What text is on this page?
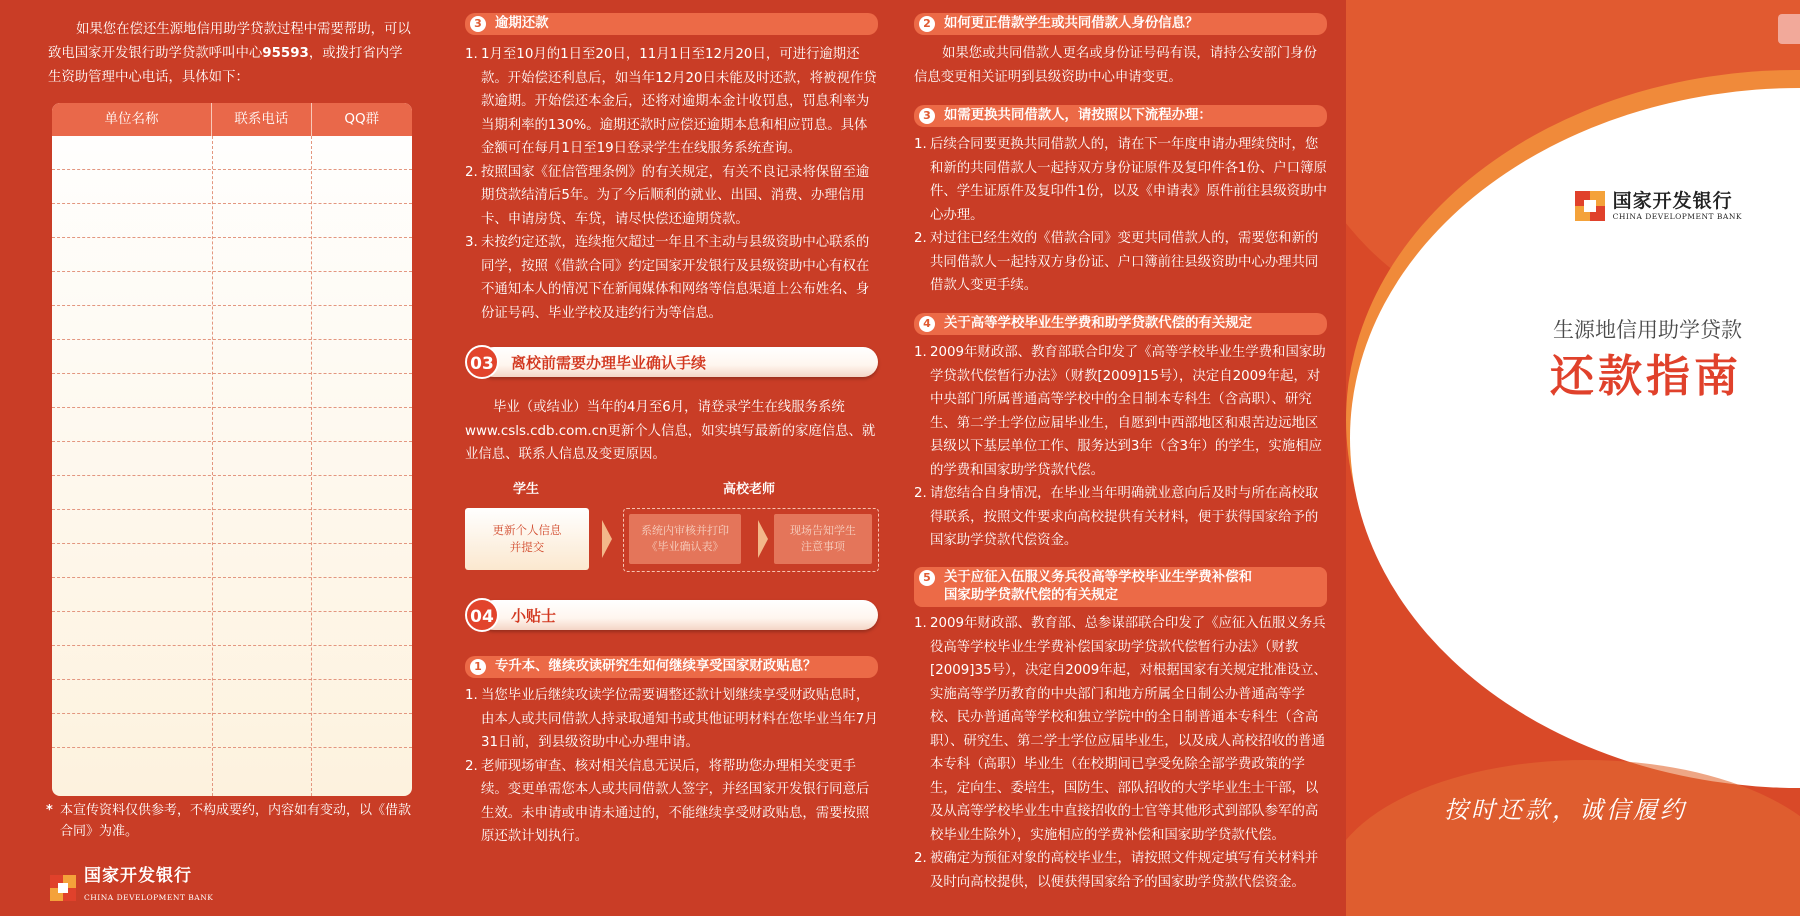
如果您在偿还生源地信用助学贷款过程中需要帮助，可以致电国家开发银行助学贷款呼叫中心95593，或拨打省内学生资助管理中心电话，具体如下：

单位名称	联系电话	QQ群

* 本宣传资料仅供参考，不构成要约，内容如有变动，以《借款合同》为准。

国家开发银行
CHINA DEVELOPMENT BANK
3 逾期还款
1. 1月至10月的1日至20日，11月1日至12月20日，可进行逾期还款。开始偿还利息后，如当年12月20日未能及时还款，将被视作贷款逾期。开始偿还本金后，还将对逾期本金计收罚息，罚息利率为当期利率的130%。逾期还款时应偿还逾期本息和相应罚息。具体金额可在每月1日至19日登录学生在线服务系统查询。
2. 按照国家《征信管理条例》的有关规定，有关不良记录将保留至逾期贷款结清后5年。为了今后顺利的就业、出国、消费、办理信用卡、申请房贷、车贷，请尽快偿还逾期贷款。
3. 未按约定还款，连续拖欠超过一年且不主动与县级资助中心联系的同学，按照《借款合同》约定国家开发银行及县级资助中心有权在不通知本人的情况下在新闻媒体和网络等信息渠道上公布姓名、身份证号码、毕业学校及违约行为等信息。
03	离校前需要办理毕业确认手续

毕业（或结业）当年的4月至6月，请登录学生在线服务系统www.csls.cdb.com.cn更新个人信息，如实填写最新的家庭信息、就业信息、联系人信息及变更原因。

学生	高校老师
更新个人信息
并提交
系统内审核并打印
《毕业确认表》
现场告知学生
注意事项
04	小贴士
1 专升本、继续攻读研究生如何继续享受国家财政贴息？
1. 当您毕业后继续攻读学位需要调整还款计划继续享受财政贴息时，由本人或共同借款人持录取通知书或其他证明材料在您毕业当年7月31日前，到县级资助中心办理申请。
2. 老师现场审查、核对相关信息无误后，将帮助您办理相关变更手续。变更单需您本人或共同借款人签字，并经国家开发银行同意后生效。未申请或申请未通过的，不能继续享受财政贴息，需要按照原还款计划执行。
2 如何更正借款学生或共同借款人身份信息？

如果您或共同借款人更名或身份证号码有误，请持公安部门身份信息变更相关证明到县级资助中心申请变更。

3 如需更换共同借款人，请按照以下流程办理：
1. 后续合同要更换共同借款人的，请在下一年度申请办理续贷时，您和新的共同借款人一起持双方身份证原件及复印件各1份、户口簿原件、学生证原件及复印件1份，以及《申请表》原件前往县级资助中心办理。
2. 对过往已经生效的《借款合同》变更共同借款人的，需要您和新的共同借款人一起持双方身份证、户口簿前往县级资助中心办理共同借款人变更手续。
4 关于高等学校毕业生学费和助学贷款代偿的有关规定
1. 2009年财政部、教育部联合印发了《高等学校毕业生学费和国家助学贷款代偿暂行办法》（财教[2009]15号），决定自2009年起，对中央部门所属普通高等学校中的全日制本专科生（含高职）、研究生、第二学士学位应届毕业生，自愿到中西部地区和艰苦边远地区县级以下基层单位工作、服务达到3年（含3年）的学生，实施相应的学费和国家助学贷款代偿。
2. 请您结合自身情况，在毕业当年明确就业意向后及时与所在高校取得联系，按照文件要求向高校提供有关材料，便于获得国家给予的国家助学贷款代偿资金。
5 关于应征入伍服义务兵役高等学校毕业生学费补偿和
国家助学贷款代偿的有关规定
1. 2009年财政部、教育部、总参谋部联合印发了《应征入伍服义务兵役高等学校毕业生学费补偿国家助学贷款代偿暂行办法》（财教[2009]35号），决定自2009年起，对根据国家有关规定批准设立、实施高等学历教育的中央部门和地方所属全日制公办普通高等学校、民办普通高等学校和独立学院中的全日制普通本专科生（含高职）、研究生、第二学士学位应届毕业生，以及成人高校招收的普通本专科（高职）毕业生（在校期间已享受免除全部学费政策的学生，定向生、委培生，国防生、部队招收的大学毕业生士干部，以及从高等学校毕业生中直接招收的士官等其他形式到部队参军的高校毕业生除外），实施相应的学费补偿和国家助学贷款代偿。
2. 被确定为预征对象的高校毕业生，请按照文件规定填写有关材料并及时向高校提供，以便获得国家给予的国家助学贷款代偿资金。
国家开发银行
CHINA DEVELOPMENT BANK
生源地信用助学贷款
还款指南
按时还款，诚信履约
